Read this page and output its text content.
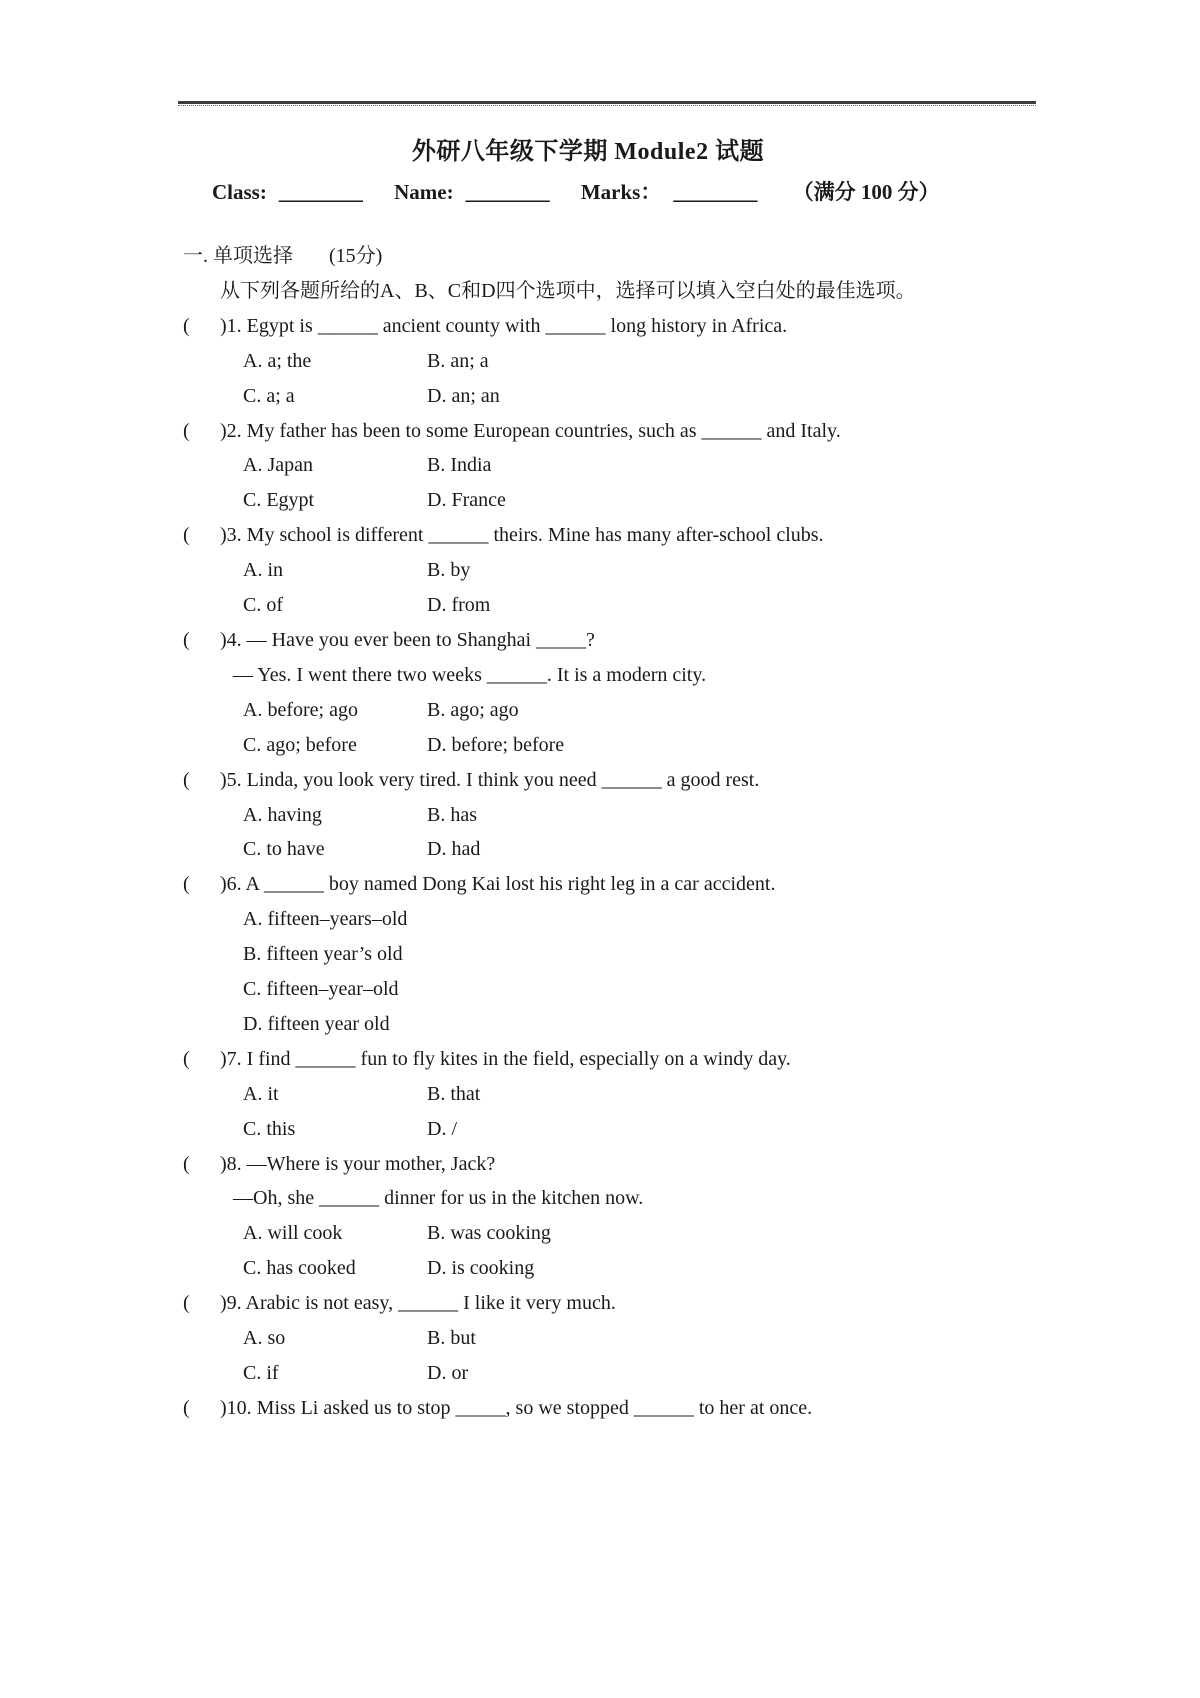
外研八年级下学期 Module2 试题
Class: ________ Name: ________ Marks： ________ （满分 100 分）
一. 单项选择 (15分)
从下列各题所给的A、B、C和D四个选项中，选择可以填入空白处的最佳选项。
(	)1. Egypt is ______ ancient county with ______ long history in Africa.
A. a; the	B. an; a
C. a; a	D. an; an
(	)2. My father has been to some European countries, such as ______ and Italy.
A. Japan	B. India
C. Egypt	D. France
(	)3. My school is different ______ theirs. Mine has many after-school clubs.
A. in	B. by
C. of	D. from
(	)4. — Have you ever been to Shanghai _____?
— Yes. I went there two weeks ______. It is a modern city.
A. before; ago	B. ago; ago
C. ago; before	D. before; before
(	)5. Linda, you look very tired. I think you need ______ a good rest.
A. having	B. has
C. to have	D. had
(	)6. A ______ boy named Dong Kai lost his right leg in a car accident.
A. fifteen–years–old
B. fifteen year’s old
C. fifteen–year–old
D. fifteen year old
(	)7. I find ______ fun to fly kites in the field, especially on a windy day.
A. it	B. that
C. this	D. /
(	)8. —Where is your mother, Jack?
—Oh, she ______ dinner for us in the kitchen now.
A. will cook	B. was cooking
C. has cooked	D. is cooking
(	)9. Arabic is not easy, ______ I like it very much.
A. so	B. but
C. if	D. or
(	)10. Miss Li asked us to stop _____, so we stopped ______ to her at once.
